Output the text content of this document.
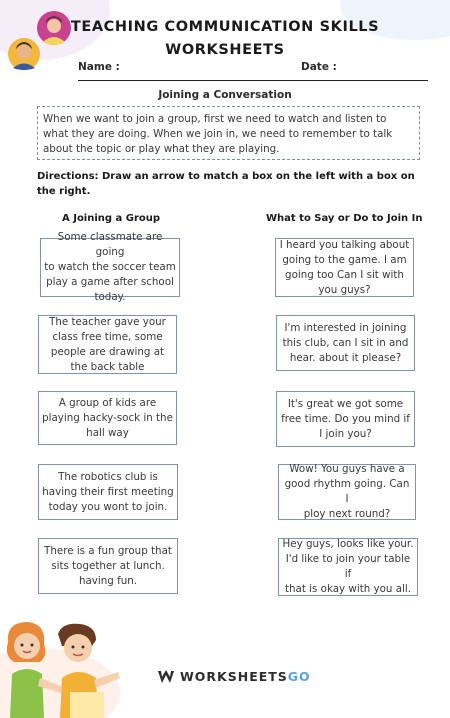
TEACHING COMMUNICATION SKILLS
WORKSHEETS
Name :	Date :
Joining a Conversation
When we want to join a group, first we need to watch and listen to what they are doing. When we join in, we need to remember to talk about the topic or play what they are playing.
Directions: Draw an arrow to match a box on the left with a box on the right.
A Joining a Group	What to Say or Do to Join In
Some classmate are going
to watch the soccer team
play a game after school
today.
The teacher gave your
class free time, some
people are drawing at
the back table
A group of kids are
playing hacky-sock in the
hall way
The robotics club is
having their first meeting
today you wont to join.
There is a fun group that
sits together at lunch.
having fun.
I heard you talking about
going to the game. I am
going too Can I sit with
you guys?
I'm interested in joining
this club, can I sit in and
hear. about it please?
It's great we got some
free time. Do you mind if
I join you?
Wow! You guys have a
good rhythm going. Can I
ploy next round?
Hey guys, looks like your.
I'd like to join your table if
that is okay with you all.
WORKSHEETSGO
